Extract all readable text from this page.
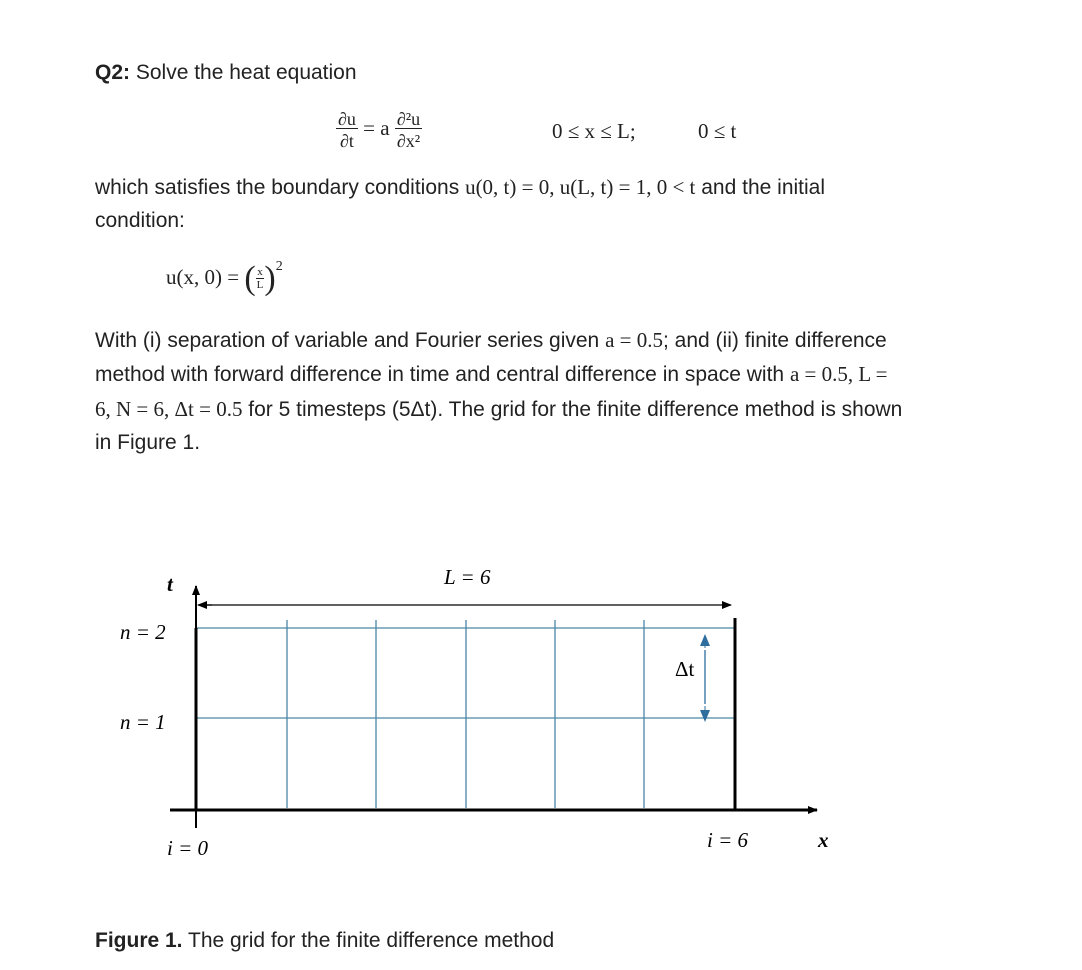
Q2: Solve the heat equation
$\frac{\partial u}{\partial t} = a \frac{\text{∂²u}}{\text{∂x²}}$	0 ≤ x ≤ L;	0 ≤ t
which satisfies the boundary conditions u(0, t) = 0, u(L, t) = 1, 0 < t and the initial
condition:
u(x, 0) = ( $\frac{x}{L} )^2$
With (i) separation of variable and Fourier series given a = 0.5; and (ii) finite difference
method with forward difference in time and central difference in space with a = 0.5, L =
6, N = 6, Δt = 0.5 for 5 timesteps (5Δt). The grid for the finite difference method is shown
in Figure 1.
t
x
L = 6
n = 2
n = 1
i = 0	i = 6
Δt
Figure 1. The grid for the finite difference method
